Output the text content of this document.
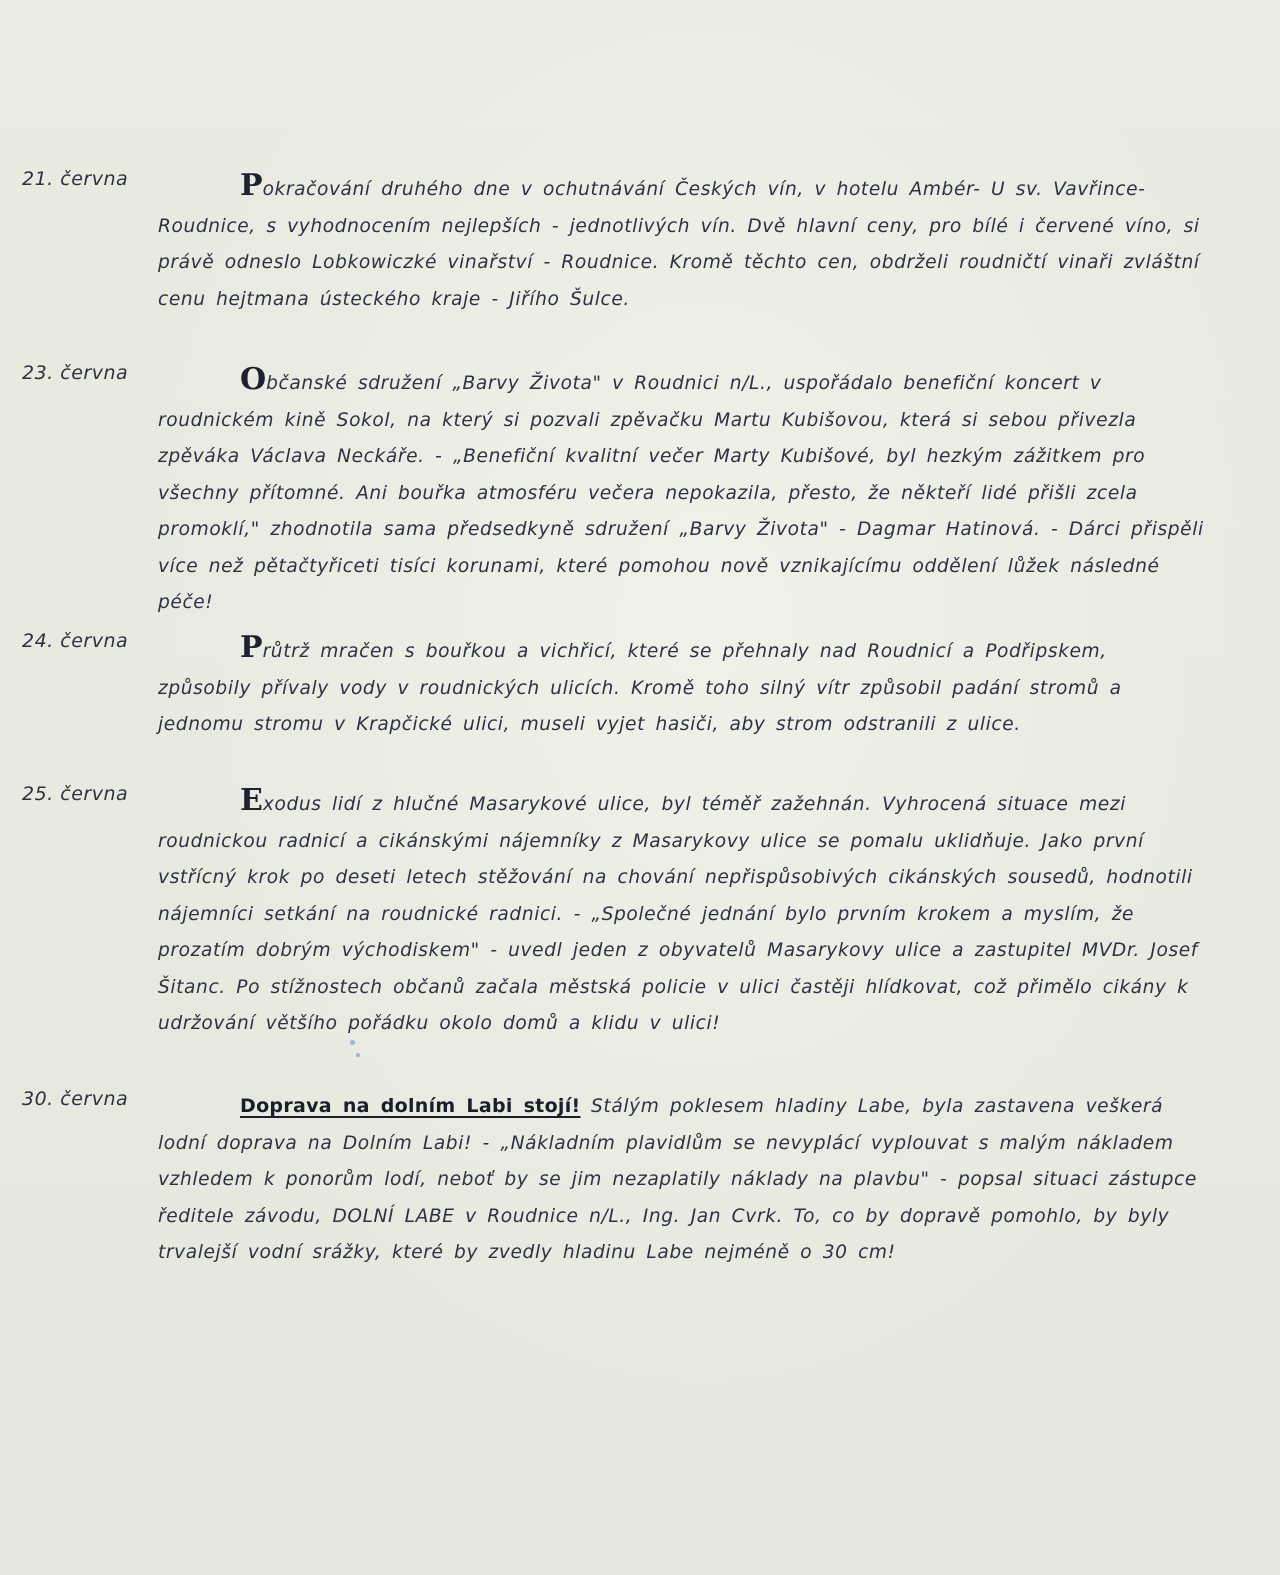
21. června	Pokračování druhého dne v ochutnávání Českých vín, v hotelu Ambér- U sv. Vavřince-Roudnice, s vyhodnocením nejlepších - jednotlivých vín. Dvě hlavní ceny, pro bílé i červené víno, si právě odneslo Lobkowiczké vinařství - Roudnice. Kromě těchto cen, obdrželi roudničtí vinaři zvláštní cenu hejtmana ústeckého kraje - Jiřího Šulce.

23. června	Občanské sdružení „Barvy Života" v Roudnici n/L., uspořádalo benefiční koncert v roudnickém kině Sokol, na který si pozvali zpěvačku Martu Kubišovou, která si sebou přivezla zpěváka Václava Neckáře. - „Benefiční kvalitní večer Marty Kubišové, byl hezkým zážitkem pro všechny přítomné. Ani bouřka atmosféru večera nepokazila, přesto, že někteří lidé přišli zcela promoklí," zhodnotila sama předsedkyně sdružení „Barvy Života" - Dagmar Hatinová. - Dárci přispěli více než pětačtyřiceti tisíci korunami, které pomohou nově vznikajícímu oddělení lůžek následné péče!

24. června	Průtrž mračen s bouřkou a vichřicí, které se přehnaly nad Roudnicí a Podřipskem, způsobily přívaly vody v roudnických ulicích. Kromě toho silný vítr způsobil padání stromů a jednomu stromu v Krapčické ulici, museli vyjet hasiči, aby strom odstranili z ulice.

25. června	Exodus lidí z hlučné Masarykové ulice, byl téměř zažehnán. Vyhrocená situace mezi roudnickou radnicí a cikánskými nájemníky z Masarykovy ulice se pomalu uklidňuje. Jako první vstřícný krok po deseti letech stěžování na chování nepřispůsobivých cikánských sousedů, hodnotili nájemníci setkání na roudnické radnici. - „Společné jednání bylo prvním krokem a myslím, že prozatím dobrým východiskem" - uvedl jeden z obyvatelů Masarykovy ulice a zastupitel MVDr. Josef Šitanc. Po stížnostech občanů začala městská policie v ulici častěji hlídkovat, což přimělo cikány k udržování většího pořádku okolo domů a klidu v ulici!

30. června	Doprava na dolním Labi stojí! Stálým poklesem hladiny Labe, byla zastavena veškerá lodní doprava na Dolním Labi! - „Nákladním plavidlům se nevyplácí vyplouvat s malým nákladem vzhledem k ponorům lodí, neboť by se jim nezaplatily náklady na plavbu" - popsal situaci zástupce ředitele závodu, DOLNÍ LABE v Roudnice n/L., Ing. Jan Cvrk. To, co by dopravě pomohlo, by byly trvalejší vodní srážky, které by zvedly hladinu Labe nejméně o 30 cm!
